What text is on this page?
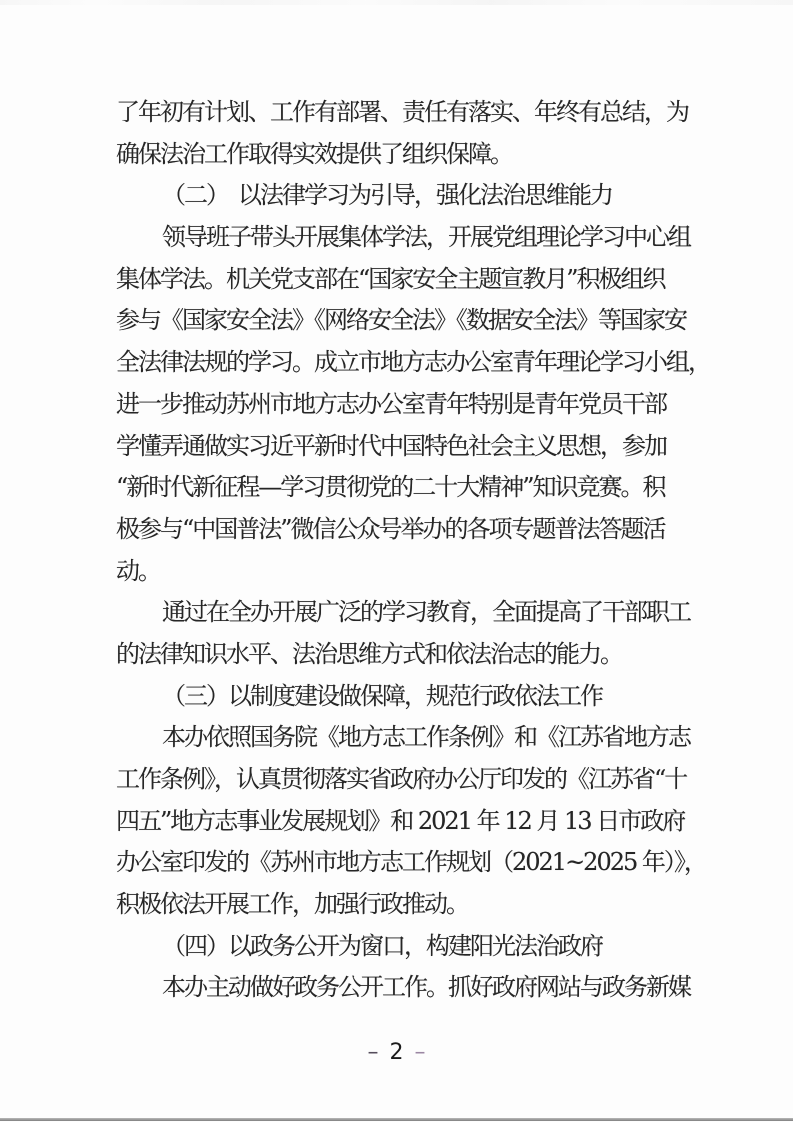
了年初有计划、工作有部署、责任有落实、年终有总结，为
确保法治工作取得实效提供了组织保障。
（二）　以法律学习为引导，强化法治思维能力
领导班子带头开展集体学法，开展党组理论学习中心组
集体学法。机关党支部在“国家安全主题宣教月”积极组织
参与《国家安全法》《网络安全法》《数据安全法》等国家安
全法律法规的学习。成立市地方志办公室青年理论学习小组，
进一步推动苏州市地方志办公室青年特别是青年党员干部
学懂弄通做实习近平新时代中国特色社会主义思想，参加
“新时代新征程—学习贯彻党的二十大精神”知识竞赛。积
极参与“中国普法”微信公众号举办的各项专题普法答题活
动。
通过在全办开展广泛的学习教育，全面提高了干部职工
的法律知识水平、法治思维方式和依法治志的能力。
（三）以制度建设做保障，规范行政依法工作
本办依照国务院《地方志工作条例》和《江苏省地方志
工作条例》，认真贯彻落实省政府办公厅印发的《江苏省“十
四五”地方志事业发展规划》和 2021 年 12 月 13 日市政府
办公室印发的《苏州市地方志工作规划（2021~2025 年）》，
积极依法开展工作，加强行政推动。
（四）以政务公开为窗口，构建阳光法治政府
本办主动做好政务公开工作。抓好政府网站与政务新媒
– 2 –
